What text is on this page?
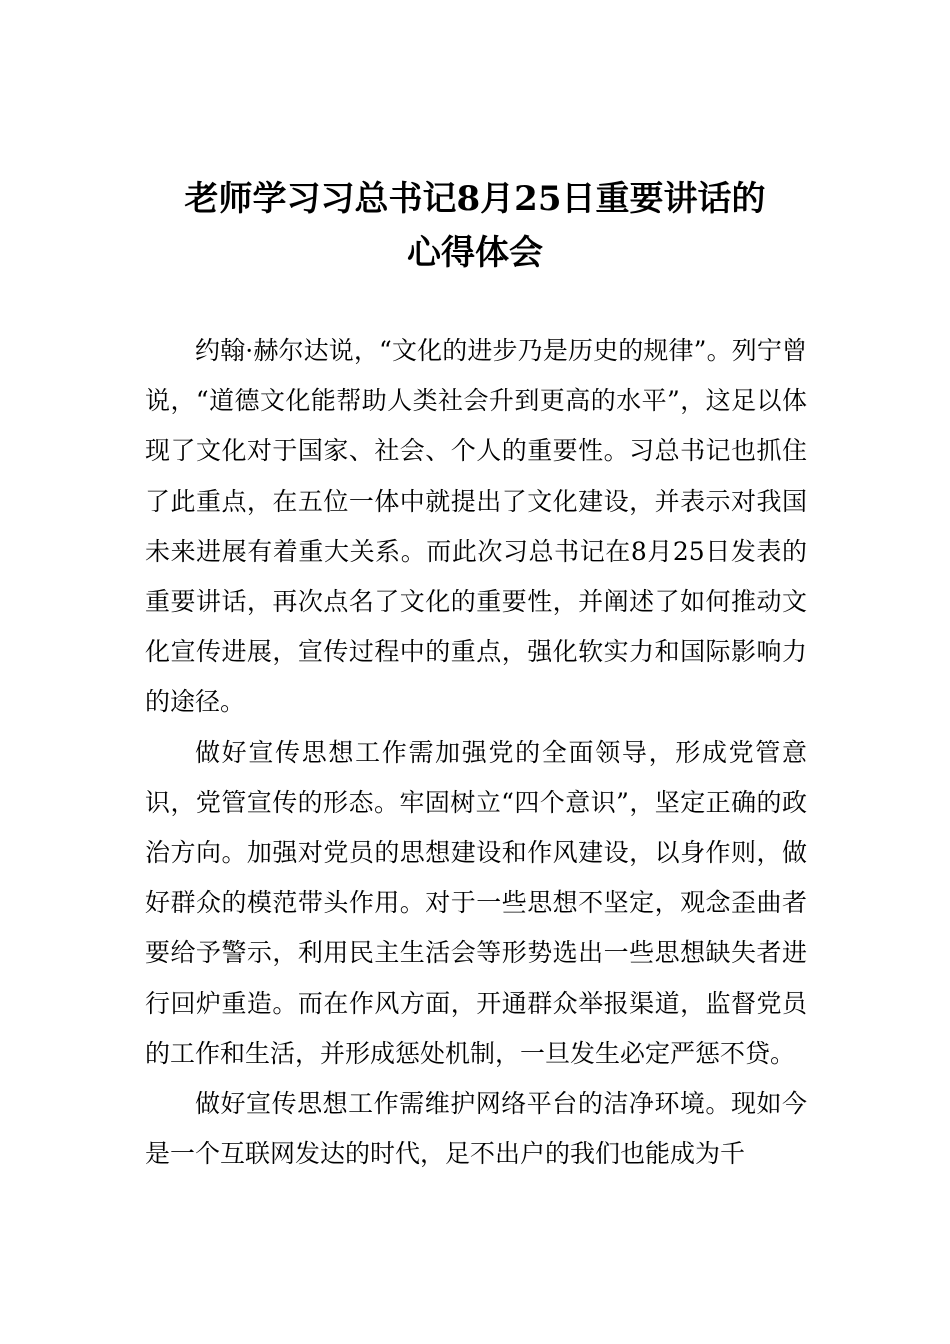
老师学习习总书记8月25日重要讲话的
心得体会

约翰·赫尔达说，“文化的进步乃是历史的规律”。列宁曾说，“道德文化能帮助人类社会升到更高的水平”，这足以体现了文化对于国家、社会、个人的重要性。习总书记也抓住了此重点，在五位一体中就提出了文化建设，并表示对我国未来进展有着重大关系。而此次习总书记在8月25日发表的重要讲话，再次点名了文化的重要性，并阐述了如何推动文化宣传进展，宣传过程中的重点，强化软实力和国际影响力的途径。

做好宣传思想工作需加强党的全面领导，形成党管意识，党管宣传的形态。牢固树立“四个意识”，坚定正确的政治方向。加强对党员的思想建设和作风建设，以身作则，做好群众的模范带头作用。对于一些思想不坚定，观念歪曲者要给予警示，利用民主生活会等形势选出一些思想缺失者进行回炉重造。而在作风方面，开通群众举报渠道，监督党员的工作和生活，并形成惩处机制，一旦发生必定严惩不贷。

做好宣传思想工作需维护网络平台的洁净环境。现如今是一个互联网发达的时代，足不出户的我们也能成为千
